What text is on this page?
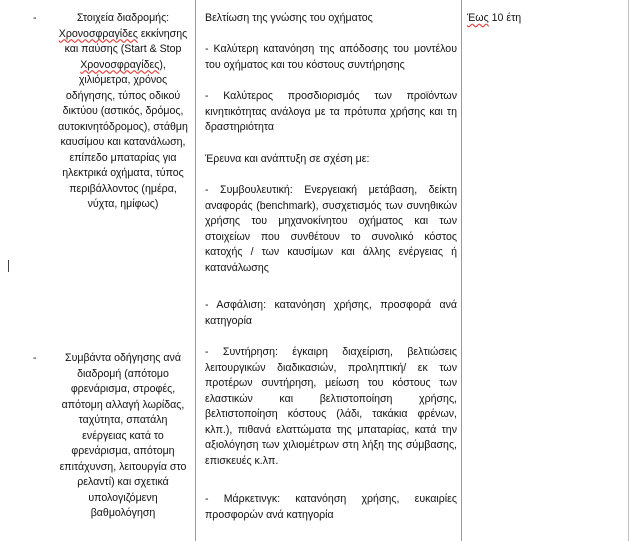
-	Στοιχεία διαδρομής: Χρονοσφραγίδες εκκίνησης και παύσης (Start & Stop Χρονοσφραγίδες), χιλιόμετρα, χρόνος οδήγησης, τύπος οδικού δικτύου (αστικός, δρόμος, αυτοκινητόδρομος), στάθμη καυσίμου και κατανάλωση, επίπεδο μπαταρίας για ηλεκτρικά οχήματα, τύπος περιβάλλοντος (ημέρα, νύχτα, ημίφως)

-	Συμβάντα οδήγησης ανά διαδρομή (απότομο φρενάρισμα, στροφές, απότομη αλλαγή λωρίδας, ταχύτητα, σπατάλη ενέργειας κατά το φρενάρισμα, απότομη επιτάχυνση, λειτουργία στο ρελαντί) και σχετικά υπολογιζόμενη βαθμολόγηση

Βελτίωση της γνώσης του οχήματος

- Καλύτερη κατανόηση της απόδοσης του μοντέλου του οχήματος και του κόστους συντήρησης

- Καλύτερος προσδιορισμός των προϊόντων κινητικότητας ανάλογα με τα πρότυπα χρήσης και τη δραστηριότητα

Έρευνα και ανάπτυξη σε σχέση με:

- Συμβουλευτική: Ενεργειακή μετάβαση, δείκτη αναφοράς (benchmark), συσχετισμός των συνηθικών χρήσης του μηχανοκίνητου οχήματος και των στοιχείων που συνθέτουν το συνολικό κόστος κατοχής / των καυσίμων και άλλης ενέργειας ή κατανάλωσης

- Ασφάλιση: κατανόηση χρήσης, προσφορά ανά κατηγορία

- Συντήρηση: έγκαιρη διαχείριση, βελτιώσεις λειτουργικών διαδικασιών, προληπτική/ εκ των προτέρων συντήρηση, μείωση του κόστους των ελαστικών και βελτιστοποίηση χρήσης, βελτιστοποίηση κόστους (λάδι, τακάκια φρένων, κλπ.), πιθανά ελαττώματα της μπαταρίας, κατά την αξιολόγηση των χιλιομέτρων στη λήξη της σύμβασης, επισκευές κ.λπ.

- Μάρκετινγκ: κατανόηση χρήσης, ευκαιρίες προσφορών ανά κατηγορία

Έως 10 έτη
